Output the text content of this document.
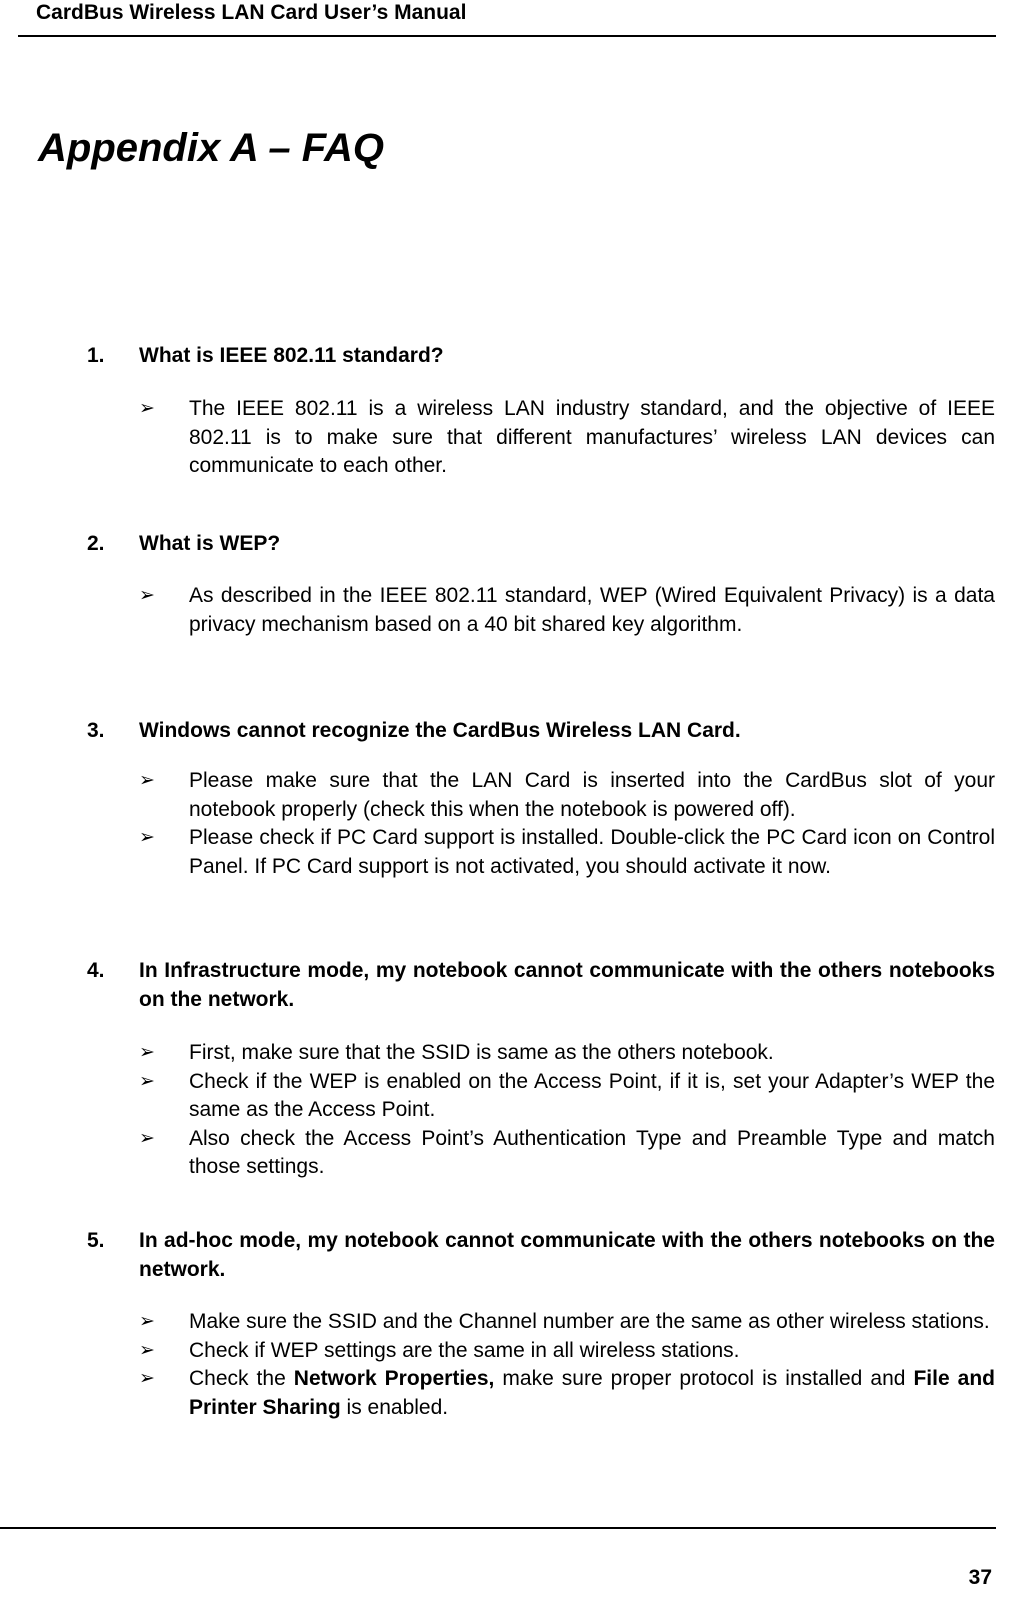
CardBus Wireless LAN Card User’s Manual
Appendix A – FAQ
1. What is IEEE 802.11 standard?
➢ The IEEE 802.11 is a wireless LAN industry standard, and the objective of IEEE 802.11 is to make sure that different manufactures’ wireless LAN devices can communicate to each other.
2. What is WEP?
➢ As described in the IEEE 802.11 standard, WEP (Wired Equivalent Privacy) is a data privacy mechanism based on a 40 bit shared key algorithm.
3. Windows cannot recognize the CardBus Wireless LAN Card.
➢ Please make sure that the LAN Card is inserted into the CardBus slot of your notebook properly (check this when the notebook is powered off).
➢ Please check if PC Card support is installed. Double-click the PC Card icon on Control Panel. If PC Card support is not activated, you should activate it now.
4. In Infrastructure mode, my notebook cannot communicate with the others notebooks on the network.
➢ First, make sure that the SSID is same as the others notebook.
➢ Check if the WEP is enabled on the Access Point, if it is, set your Adapter’s WEP the same as the Access Point.
➢ Also check the Access Point’s Authentication Type and Preamble Type and match those settings.
5. In ad-hoc mode, my notebook cannot communicate with the others notebooks on the network.
➢ Make sure the SSID and the Channel number are the same as other wireless stations.
➢ Check if WEP settings are the same in all wireless stations.
➢ Check the Network Properties, make sure proper protocol is installed and File and Printer Sharing is enabled.
37
